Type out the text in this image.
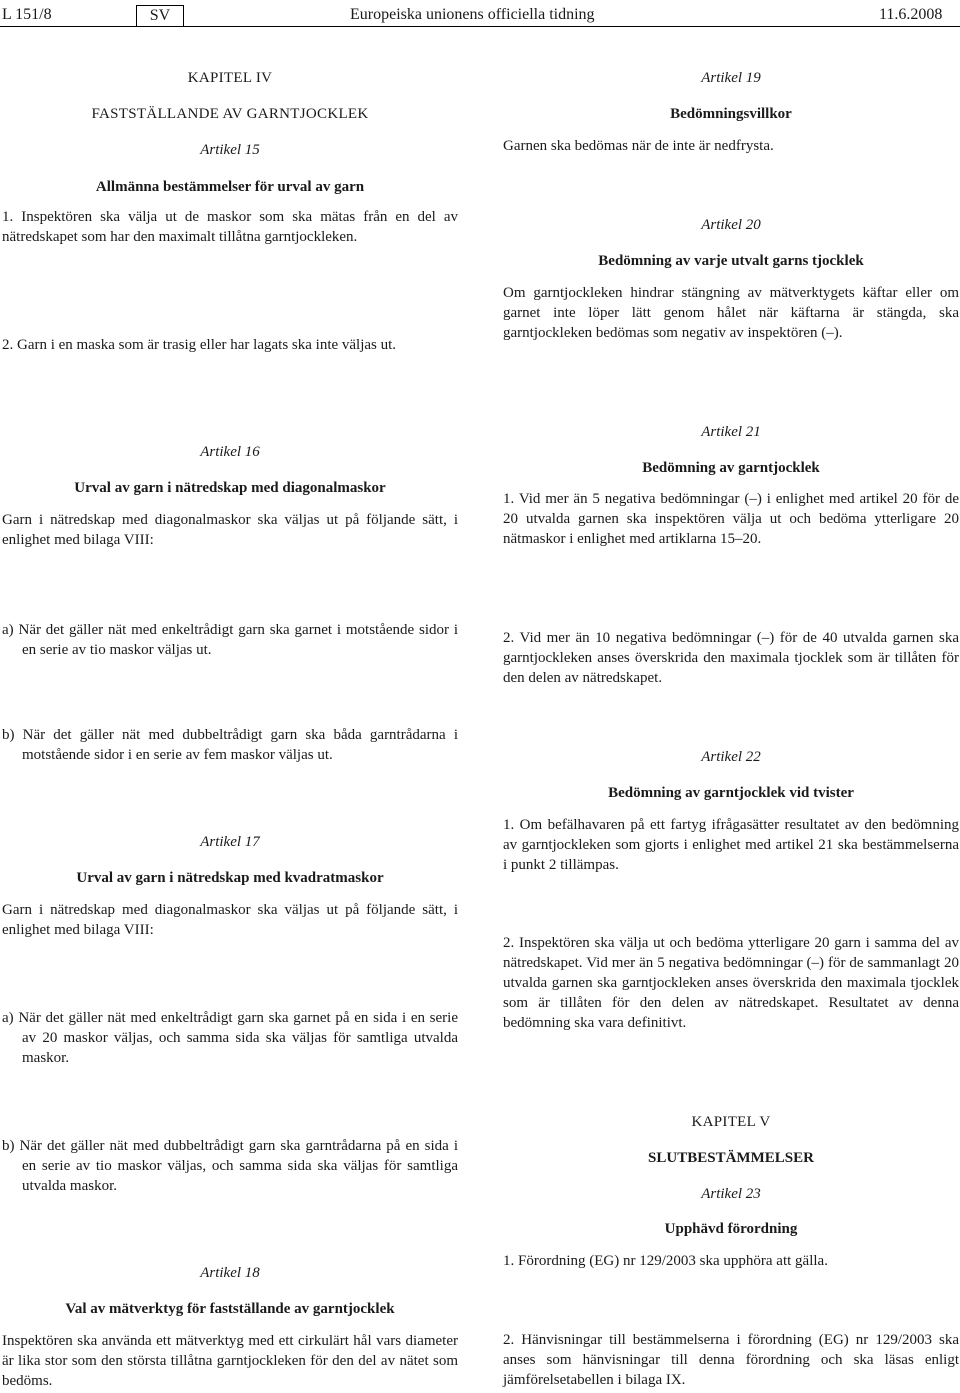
L 151/8	SV	Europeiska unionens officiella tidning	11.6.2008

KAPITEL IV

FASTSTÄLLANDE AV GARNTJOCKLEK

Artikel 15

Allmänna bestämmelser för urval av garn

1. Inspektören ska välja ut de maskor som ska mätas från en del av nätredskapet som har den maximalt tillåtna garntjockleken.

2. Garn i en maska som är trasig eller har lagats ska inte väljas ut.

Artikel 16

Urval av garn i nätredskap med diagonalmaskor

Garn i nätredskap med diagonalmaskor ska väljas ut på följande sätt, i enlighet med bilaga VIII:

a) När det gäller nät med enkeltrådigt garn ska garnet i motstående sidor i en serie av tio maskor väljas ut.

b) När det gäller nät med dubbeltrådigt garn ska båda garntrådarna i motstående sidor i en serie av fem maskor väljas ut.

Artikel 17

Urval av garn i nätredskap med kvadratmaskor

Garn i nätredskap med diagonalmaskor ska väljas ut på följande sätt, i enlighet med bilaga VIII:

a) När det gäller nät med enkeltrådigt garn ska garnet på en sida i en serie av 20 maskor väljas, och samma sida ska väljas för samtliga utvalda maskor.

b) När det gäller nät med dubbeltrådigt garn ska garntrådarna på en sida i en serie av tio maskor väljas, och samma sida ska väljas för samtliga utvalda maskor.

Artikel 18

Val av mätverktyg för fastställande av garntjocklek

Inspektören ska använda ett mätverktyg med ett cirkulärt hål vars diameter är lika stor som den största tillåtna garntjockleken för den del av nätet som bedöms.

Artikel 19

Bedömningsvillkor

Garnen ska bedömas när de inte är nedfrysta.

Artikel 20

Bedömning av varje utvalt garns tjocklek

Om garntjockleken hindrar stängning av mätverktygets käftar eller om garnet inte löper lätt genom hålet när käftarna är stängda, ska garntjockleken bedömas som negativ av inspektören (–).

Artikel 21

Bedömning av garntjocklek

1. Vid mer än 5 negativa bedömningar (–) i enlighet med artikel 20 för de 20 utvalda garnen ska inspektören välja ut och bedöma ytterligare 20 nätmaskor i enlighet med artiklarna 15–20.

2. Vid mer än 10 negativa bedömningar (–) för de 40 utvalda garnen ska garntjockleken anses överskrida den maximala tjocklek som är tillåten för den delen av nätredskapet.

Artikel 22

Bedömning av garntjocklek vid tvister

1. Om befälhavaren på ett fartyg ifrågasätter resultatet av den bedömning av garntjockleken som gjorts i enlighet med artikel 21 ska bestämmelserna i punkt 2 tillämpas.

2. Inspektören ska välja ut och bedöma ytterligare 20 garn i samma del av nätredskapet. Vid mer än 5 negativa bedömningar (–) för de sammanlagt 20 utvalda garnen ska garntjockleken anses överskrida den maximala tjocklek som är tillåten för den delen av nätredskapet. Resultatet av denna bedömning ska vara definitivt.

KAPITEL V

SLUTBESTÄMMELSER

Artikel 23

Upphävd förordning

1. Förordning (EG) nr 129/2003 ska upphöra att gälla.

2. Hänvisningar till bestämmelserna i förordning (EG) nr 129/2003 ska anses som hänvisningar till denna förordning och ska läsas enligt jämförelsetabellen i bilaga IX.
